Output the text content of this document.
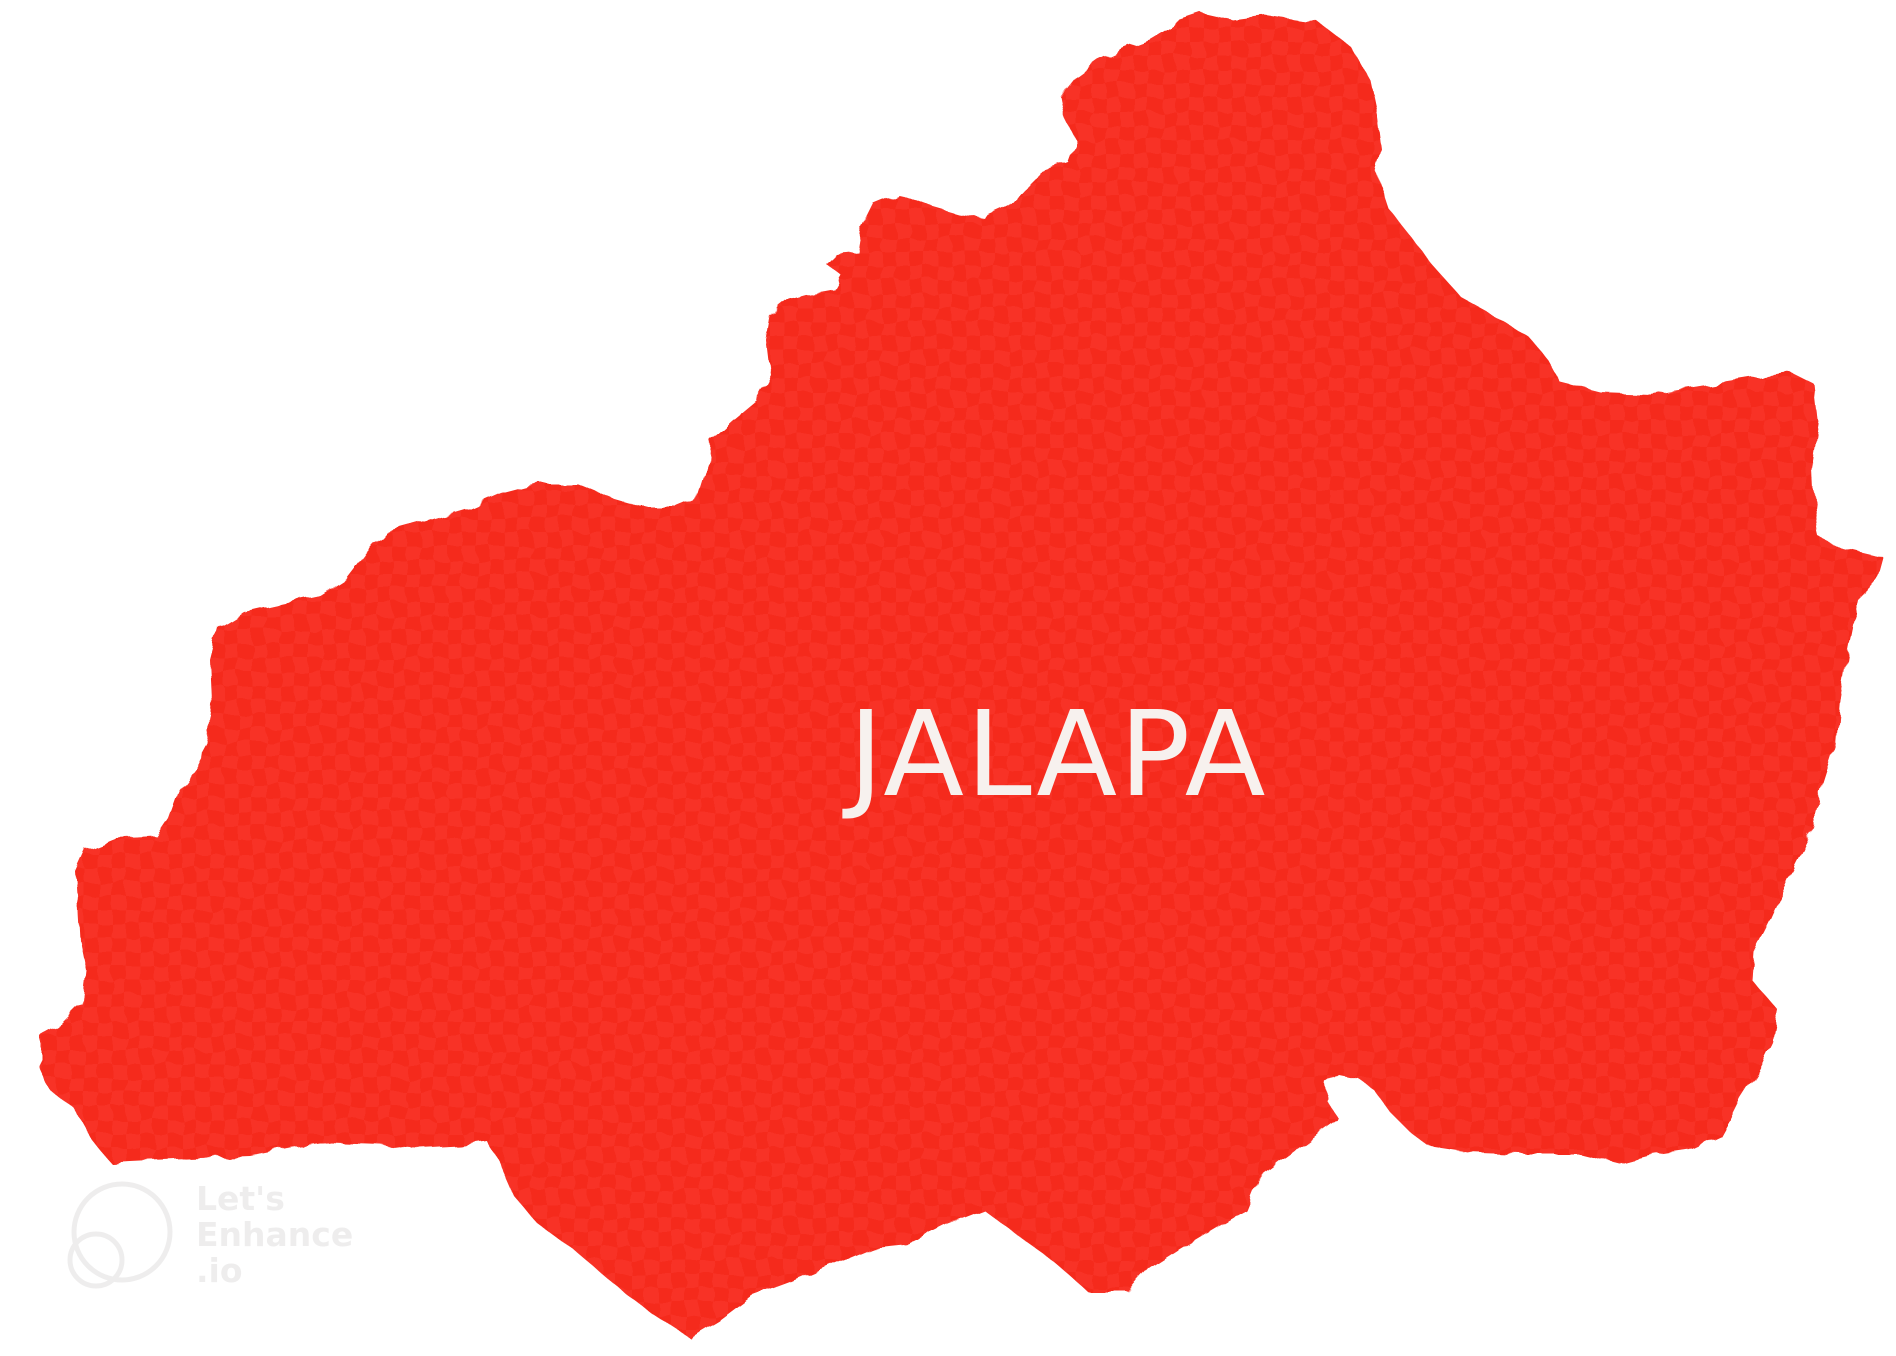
JALAPA
Let's
Enhance
.io
